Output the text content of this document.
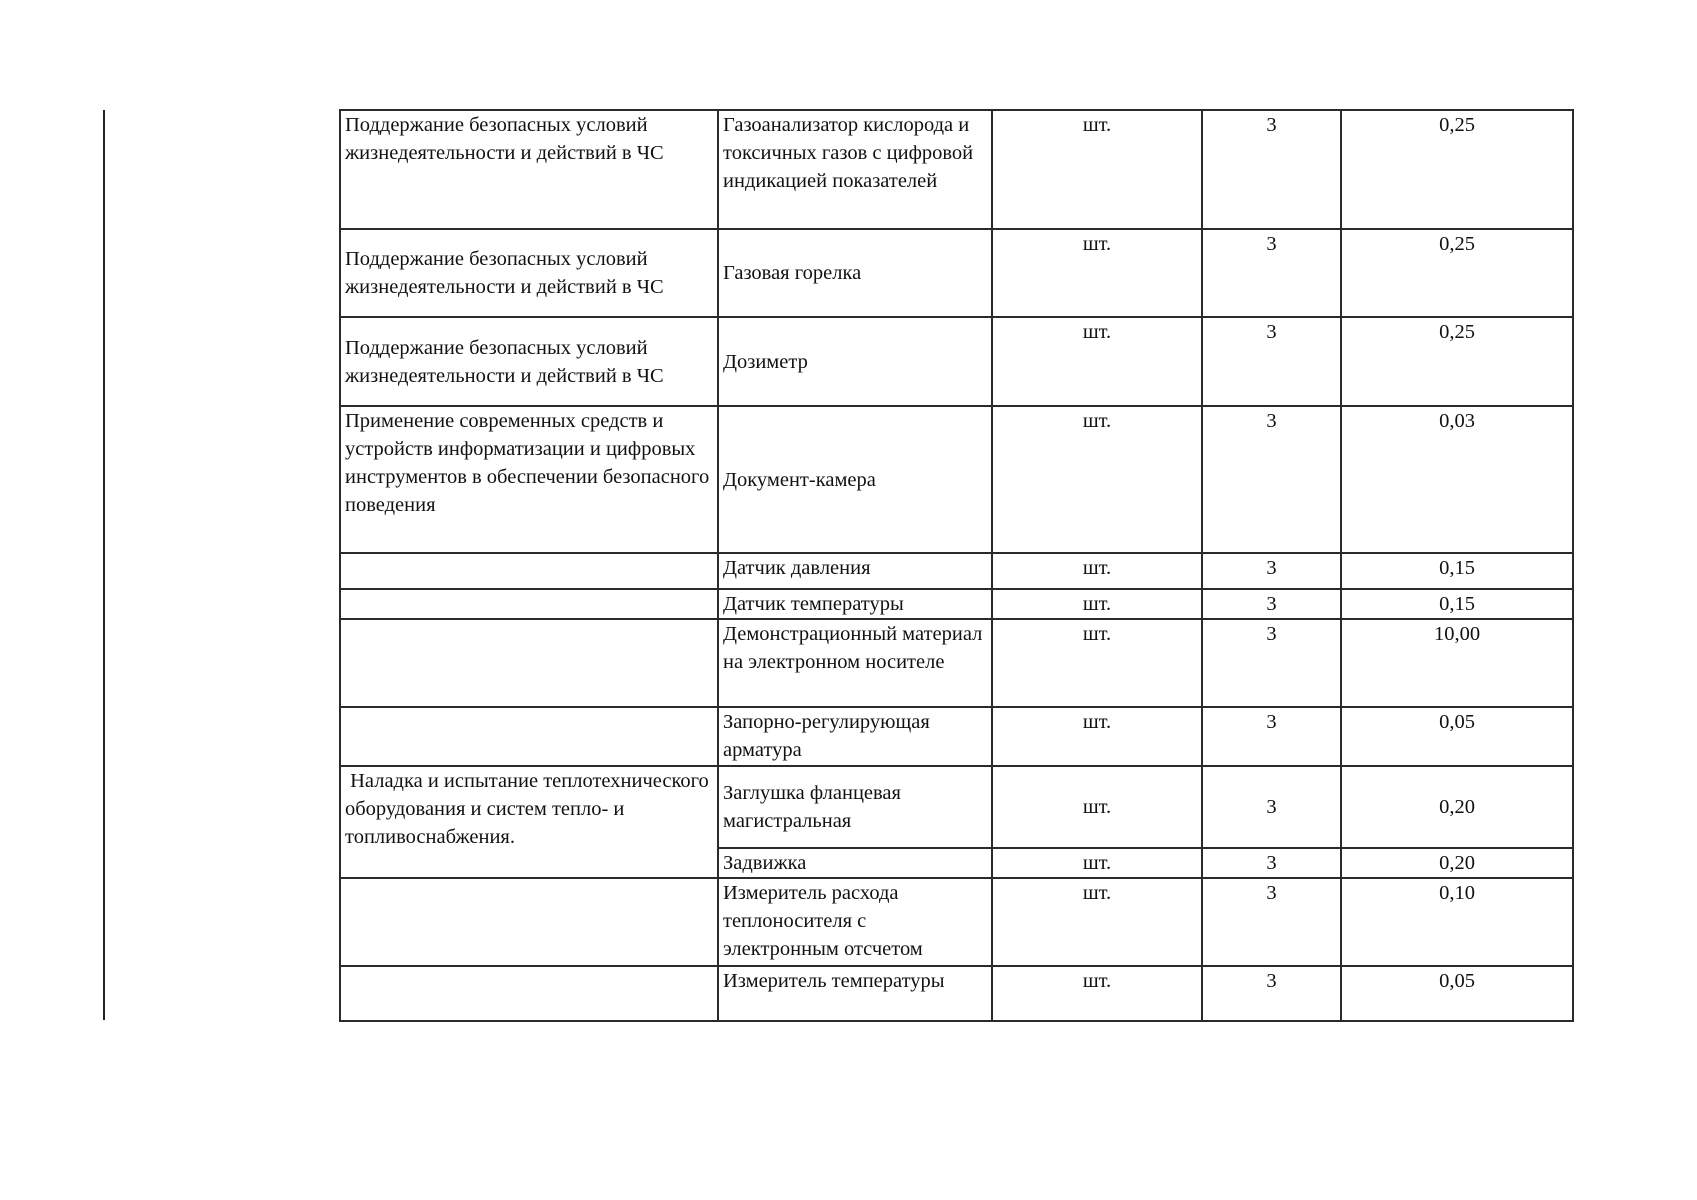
Поддержание безопасных условий жизнедеятельности и действий в ЧС	Газоанализатор кислорода и токсичных газов с цифровой индикацией показателей	шт.	3	0,25

Поддержание безопасных условий жизнедеятельности и действий в ЧС	Газовая горелка	шт.	3	0,25

Поддержание безопасных условий жизнедеятельности и действий в ЧС	Дозиметр	шт.	3	0,25

Применение современных средств и устройств информатизации и цифровых инструментов в обеспечении безопасного поведения	Документ-камера	шт.	3	0,03

	Датчик давления	шт.	3	0,15

	Датчик температуры	шт.	3	0,15

	Демонстрационный материал на электронном носителе	шт.	3	10,00

	Запорно-регулирующая арматура	шт.	3	0,05

Наладка и испытание теплотехнического оборудования и систем тепло- и топливоснабжения.	Заглушка фланцевая магистральная	шт.	3	0,20

	Задвижка	шт.	3	0,20

	Измеритель расхода теплоносителя с электронным отсчетом	шт.	3	0,10

	Измеритель температуры	шт.	3	0,05
